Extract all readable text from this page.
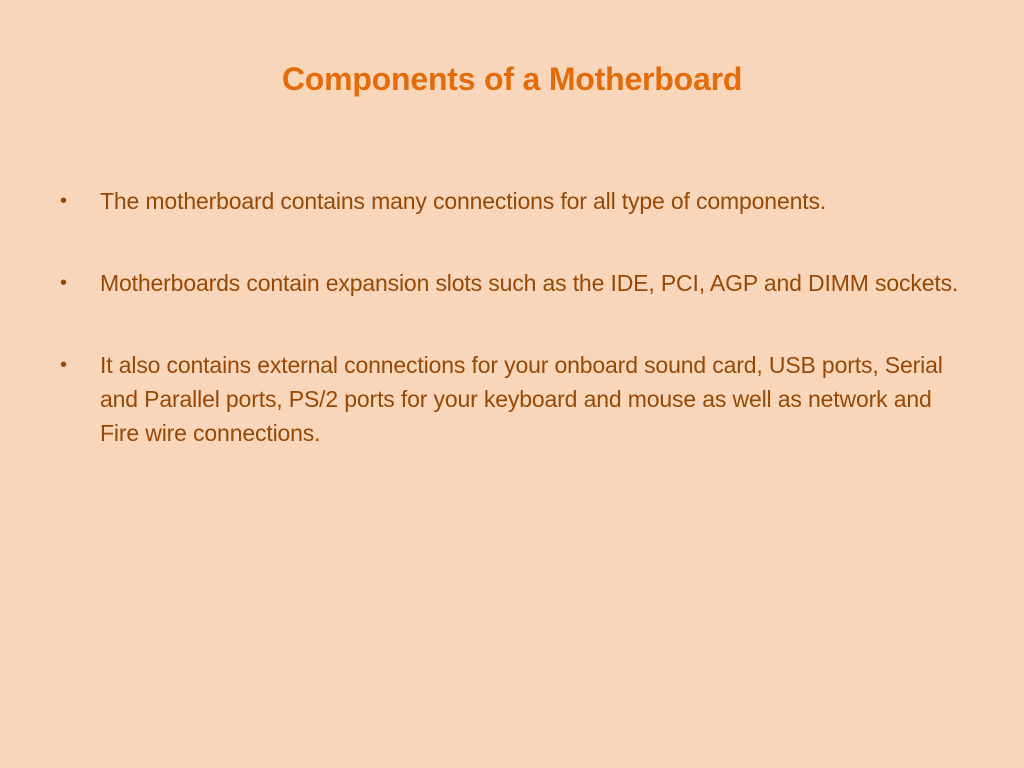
Components of a Motherboard
•	The motherboard contains many connections for all type of components.
•	Motherboards contain expansion slots such as the IDE, PCI, AGP and DIMM sockets.
•	It also contains external connections for your onboard sound card, USB ports, Serial and Parallel ports, PS/2 ports for your keyboard and mouse as well as network and Fire wire connections.
